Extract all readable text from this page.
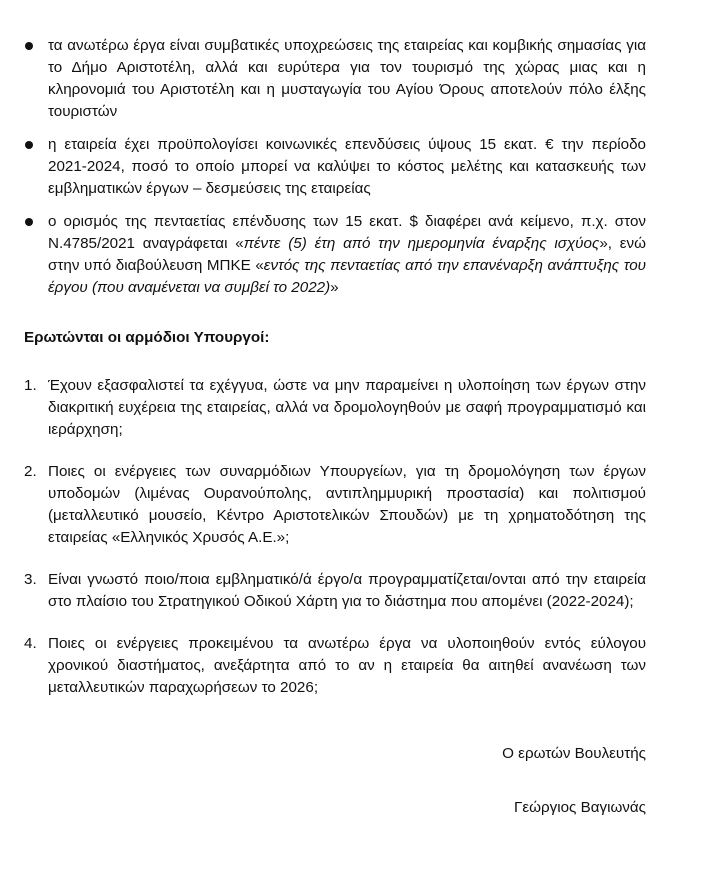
τα ανωτέρω έργα είναι συμβατικές υποχρεώσεις της εταιρείας και κομβικής σημασίας για το Δήμο Αριστοτέλη, αλλά και ευρύτερα για τον τουρισμό της χώρας μιας και η κληρονομιά του Αριστοτέλη και η μυσταγωγία του Αγίου Όρους αποτελούν πόλο έλξης τουριστών
η εταιρεία έχει προϋπολογίσει κοινωνικές επενδύσεις ύψους 15 εκατ. € την περίοδο 2021-2024, ποσό το οποίο μπορεί να καλύψει το κόστος μελέτης και κατασκευής των εμβληματικών έργων – δεσμεύσεις της εταιρείας
ο ορισμός της πενταετίας επένδυσης των 15 εκατ. $ διαφέρει ανά κείμενο, π.χ. στον Ν.4785/2021 αναγράφεται «πέντε (5) έτη από την ημερομηνία έναρξης ισχύος», ενώ στην υπό διαβούλευση ΜΠΚΕ «εντός της πενταετίας από την επανέναρξη ανάπτυξης του έργου (που αναμένεται να συμβεί το 2022)»
Ερωτώνται οι αρμόδιοι Υπουργοί:
1. Έχουν εξασφαλιστεί τα εχέγγυα, ώστε να μην παραμείνει η υλοποίηση των έργων στην διακριτική ευχέρεια της εταιρείας, αλλά να δρομολογηθούν με σαφή προγραμματισμό και ιεράρχηση;
2. Ποιες οι ενέργειες των συναρμόδιων Υπουργείων, για τη δρομολόγηση των έργων υποδομών (λιμένας Ουρανούπολης, αντιπλημμυρική προστασία) και πολιτισμού (μεταλλευτικό μουσείο, Κέντρο Αριστοτελικών Σπουδών) με τη χρηματοδότηση της εταιρείας «Ελληνικός Χρυσός Α.Ε.»;
3. Είναι γνωστό ποιο/ποια εμβληματικό/ά έργο/α προγραμματίζεται/ονται από την εταιρεία στο πλαίσιο του Στρατηγικού Οδικού Χάρτη για το διάστημα που απομένει (2022-2024);
4. Ποιες οι ενέργειες προκειμένου τα ανωτέρω έργα να υλοποιηθούν εντός εύλογου χρονικού διαστήματος, ανεξάρτητα από το αν η εταιρεία θα αιτηθεί ανανέωση των μεταλλευτικών παραχωρήσεων το 2026;
Ο ερωτών Βουλευτής
Γεώργιος Βαγιωνάς
